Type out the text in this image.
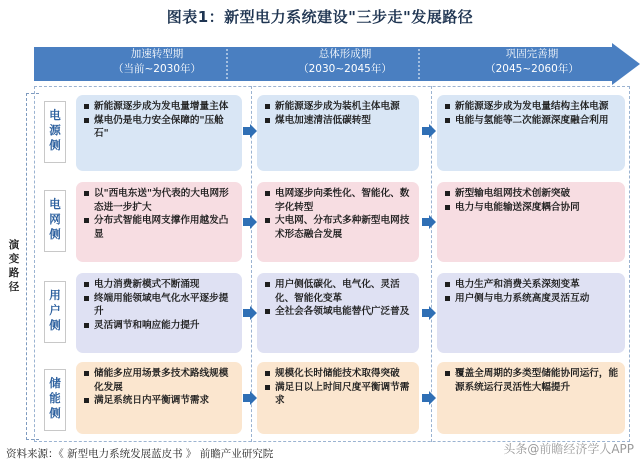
图表1：新型电力系统建设"三步走"发展路径
加速转型期
（当前~2030年）
总体形成期
（2030~2045年）
巩固完善期
（2045~2060年）
演变路径
电源侧
新能源逐步成为发电量增量主体
煤电仍是电力安全保障的"压舱石"
新能源逐步成为装机主体电源
煤电加速清洁低碳转型
新能源逐步成为发电量结构主体电源
电能与氢能等二次能源深度融合利用
电网侧
以"西电东送"为代表的大电网形态进一步扩大
分布式智能电网支撑作用越发凸显
电网逐步向柔性化、智能化、数字化转型
大电网、分布式多种新型电网技术形态融合发展
新型输电组网技术创新突破
电力与电能输送深度耦合协同
用户侧
电力消费新模式不断涌现
终端用能领域电气化水平逐步提升
灵活调节和响应能力提升
用户侧低碳化、电气化、灵活化、智能化变革
全社会各领域电能替代广泛普及
电力生产和消费关系深刻变革
用户侧与电力系统高度灵活互动
储能侧
储能多应用场景多技术路线规模化发展
满足系统日内平衡调节需求
规模化长时储能技术取得突破
满足日以上时间尺度平衡调节需求
覆盖全周期的多类型储能协同运行，能源系统运行灵活性大幅提升
资料来源：《 新型电力系统发展蓝皮书 》 前瞻产业研究院	头条@前瞻经济学人APP
